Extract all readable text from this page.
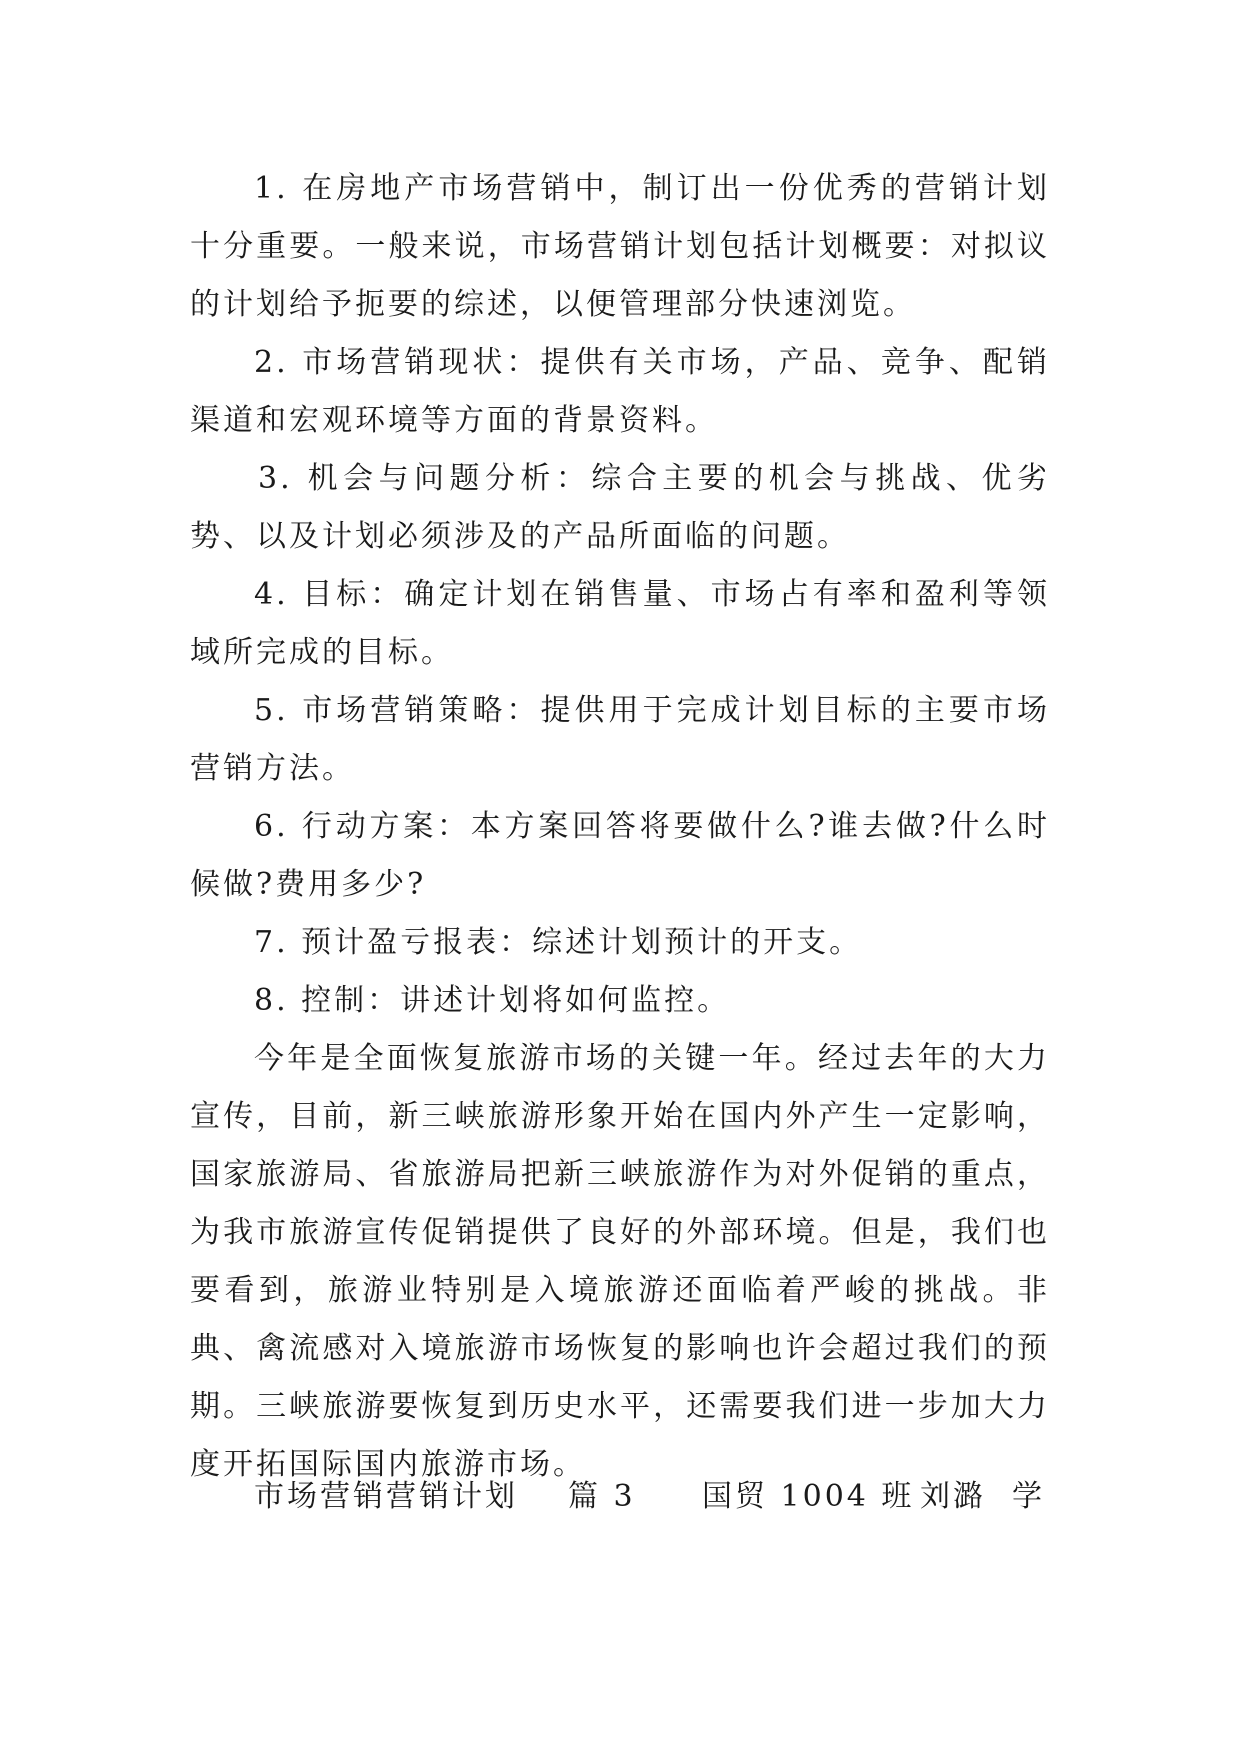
1. 在房地产市场营销中，制订出一份优秀的营销计划十分重要。一般来说，市场营销计划包括计划概要：对拟议的计划给予扼要的综述，以便管理部分快速浏览。

2. 市场营销现状：提供有关市场，产品、竞争、配销渠道和宏观环境等方面的背景资料。

3. 机会与问题分析：综合主要的机会与挑战、优劣势、以及计划必须涉及的产品所面临的问题。

4. 目标：确定计划在销售量、市场占有率和盈利等领域所完成的目标。

5. 市场营销策略：提供用于完成计划目标的主要市场营销方法。

6. 行动方案：本方案回答将要做什么?谁去做?什么时候做?费用多少?

7. 预计盈亏报表：综述计划预计的开支。

8. 控制：讲述计划将如何监控。

今年是全面恢复旅游市场的关键一年。经过去年的大力宣传，目前，新三峡旅游形象开始在国内外产生一定影响，国家旅游局、省旅游局把新三峡旅游作为对外促销的重点，为我市旅游宣传促销提供了良好的外部环境。但是，我们也要看到，旅游业特别是入境旅游还面临着严峻的挑战。非典、禽流感对入境旅游市场恢复的影响也许会超过我们的预期。三峡旅游要恢复到历史水平，还需要我们进一步加大力度开拓国际国内旅游市场。

市场营销营销计划 篇 3 国贸 1004 班 刘潞 学
